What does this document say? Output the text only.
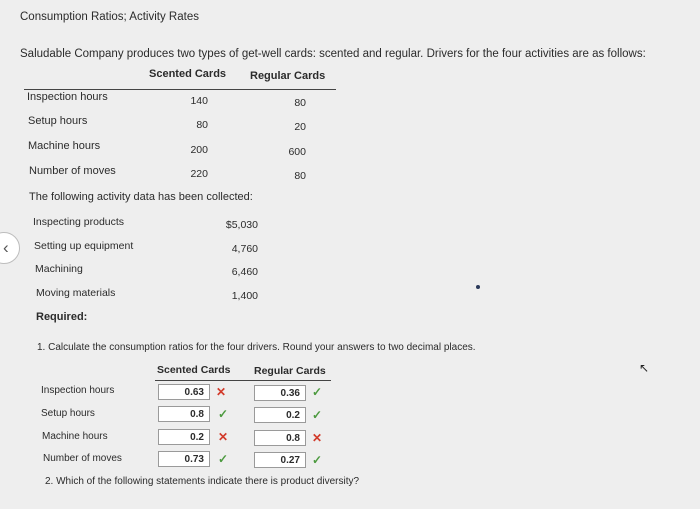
Consumption Ratios; Activity Rates
Saludable Company produces two types of get-well cards: scented and regular. Drivers for the four activities are as follows:
Scented Cards Regular Cards
Inspection hours	140	80
Setup hours	80	20
Machine hours	200	600
Number of moves	220	80
The following activity data has been collected:
Inspecting products	$5,030
Setting up equipment	4,760
Machining	6,460
Moving materials	1,400
Required:
1. Calculate the consumption ratios for the four drivers. Round your answers to two decimal places.
Scented Cards Regular Cards
Inspection hours	0.63	✕	0.36	✓
Setup hours	0.8	✓	0.2	✓
Machine hours	0.2	✕	0.8	✕
Number of moves	0.73	✓	0.27	✓
2. Which of the following statements indicate there is product diversity?
‹
↖
